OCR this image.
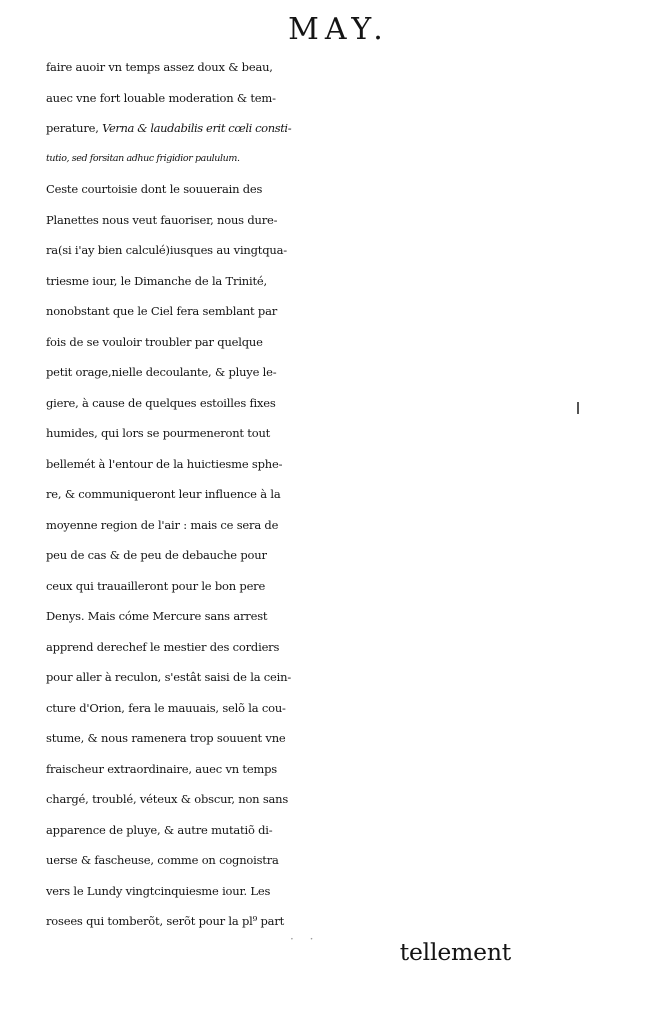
MAY.
faire auoir vn temps assez doux & beau,
auec vne fort louable moderation & tem-
perature, Verna & laudabilis erit cœli consti-
tutio, sed forsitan adhuc frigidior paululum.
Ceste courtoisie dont le souuerain des
Planettes nous veut fauoriser, nous dure-
ra(si i'ay bien calculé)iusques au vingtqua-
triesme iour, le Dimanche de la Trinité,
nonobstant que le Ciel fera semblant par
fois de se vouloir troubler par quelque
petit orage,nielle decoulante, & pluye le-
giere, à cause de quelques estoilles fixes
humides, qui lors se pourmeneront tout
bellemét à l'entour de la huictiesme sphe-
re, & communiqueront leur influence à la
moyenne region de l'air : mais ce sera de
peu de cas & de peu de debauche pour
ceux qui trauailleront pour le bon pere
Denys. Mais cóme Mercure sans arrest
apprend derechef le mestier des cordiers
pour aller à reculon, s'estât saisi de la cein-
cture d'Orion, fera le mauuais, selõ la cou-
stume, & nous ramenera trop souuent vne
fraischeur extraordinaire, auec vn temps
chargé, troublé, véteux & obscur, non sans
apparence de pluye, & autre mutatiõ di-
uerse & fascheuse, comme on cognoistra
vers le Lundy vingtcinquiesme iour. Les
rosees qui tomberõt, serõt pour la pl⁹ part
tellement
· ·
